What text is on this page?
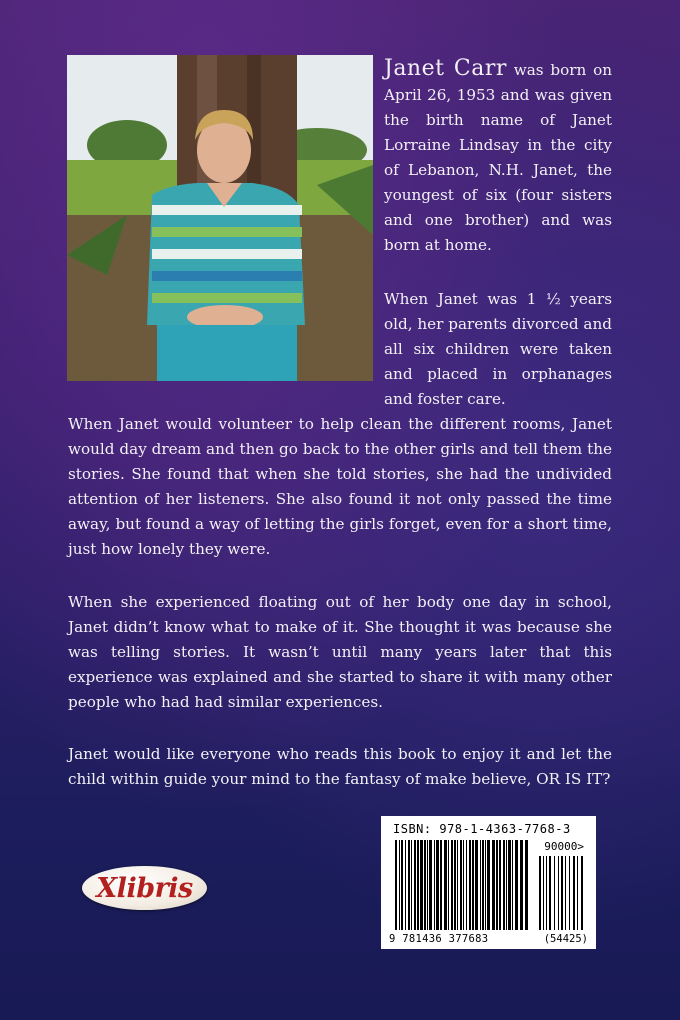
Janet Carr was born on April 26, 1953 and was given the birth name of Janet Lorraine Lindsay in the city of Lebanon, N.H. Janet, the youngest of six (four sisters and one brother) and was born at home.

When Janet was 1 ½ years old, her parents divorced and all six children were taken and placed in orphanages and foster care.

When Janet would volunteer to help clean the different rooms, Janet would day dream and then go back to the other girls and tell them the stories. She found that when she told stories, she had the undivided attention of her listeners. She also found it not only passed the time away, but found a way of letting the girls forget, even for a short time, just how lonely they were.

When she experienced floating out of her body one day in school, Janet didn’t know what to make of it. She thought it was because she was telling stories. It wasn’t until many years later that this experience was explained and she started to share it with many other people who had had similar experiences.

Janet would like everyone who reads this book to enjoy it and let the child within guide your mind to the fantasy of make believe, OR IS IT?

Xlibris
ISBN: 978-1-4363-7768-3
90000>
9 781436 377683	(54425)
